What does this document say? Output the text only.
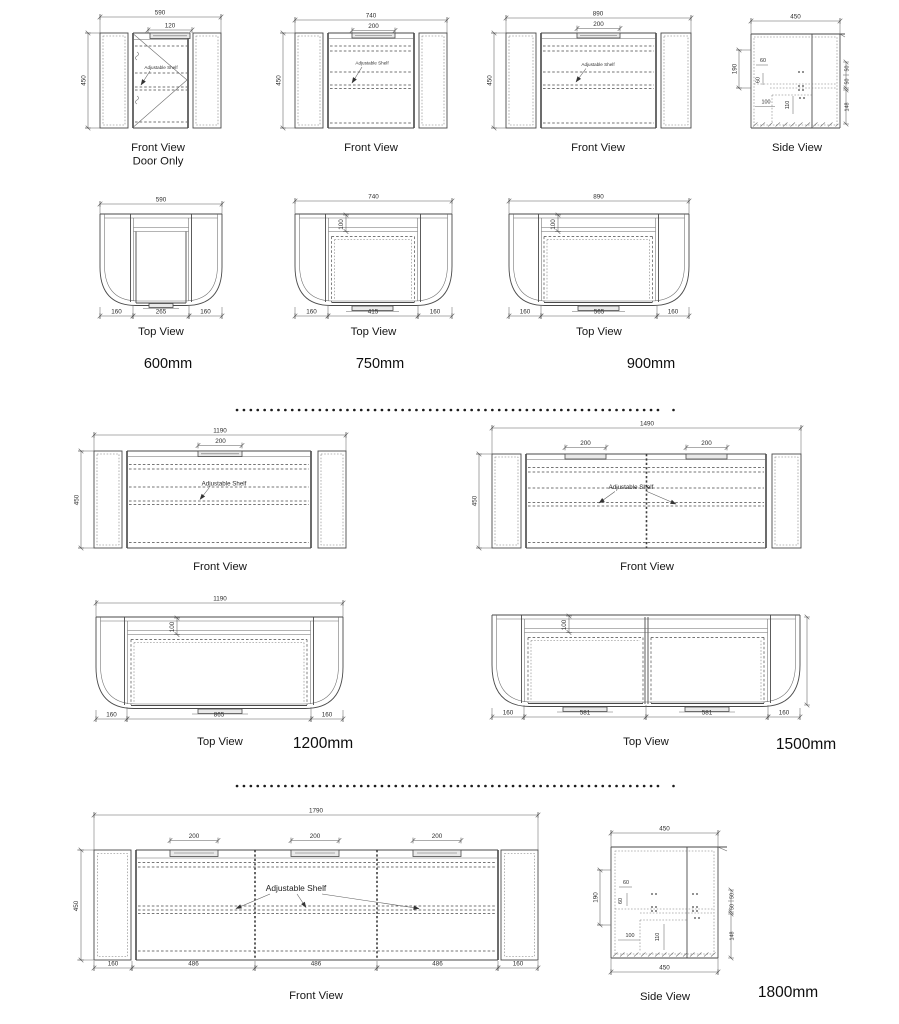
590
120
Adjustable Shelf
450
Front View
Door Only
740
200
Adjustable Shelf
450
Front View
890
200
Adjustable Shelf
450
Front View
450
60
60
100	110
190	50
50
148
Side View
590
160	265	160
Top View
600mm
740
100
160	415	160
Top View
750mm
890
100
160	565	160
Top View
900mm
1190
200
Adjustable Shelf
450
Front View
1490
200	200
Adjustable Shelf
450
Front View
1190
100
160	865	160
Top View	1200mm
100
160	581	581	160
Top View	1500mm
1790
200	200	200
Adjustable Shelf
450
160	486	486	486	160
Front View
450
60
60
100	110
190	50
50
148
450
Side View	1800mm
